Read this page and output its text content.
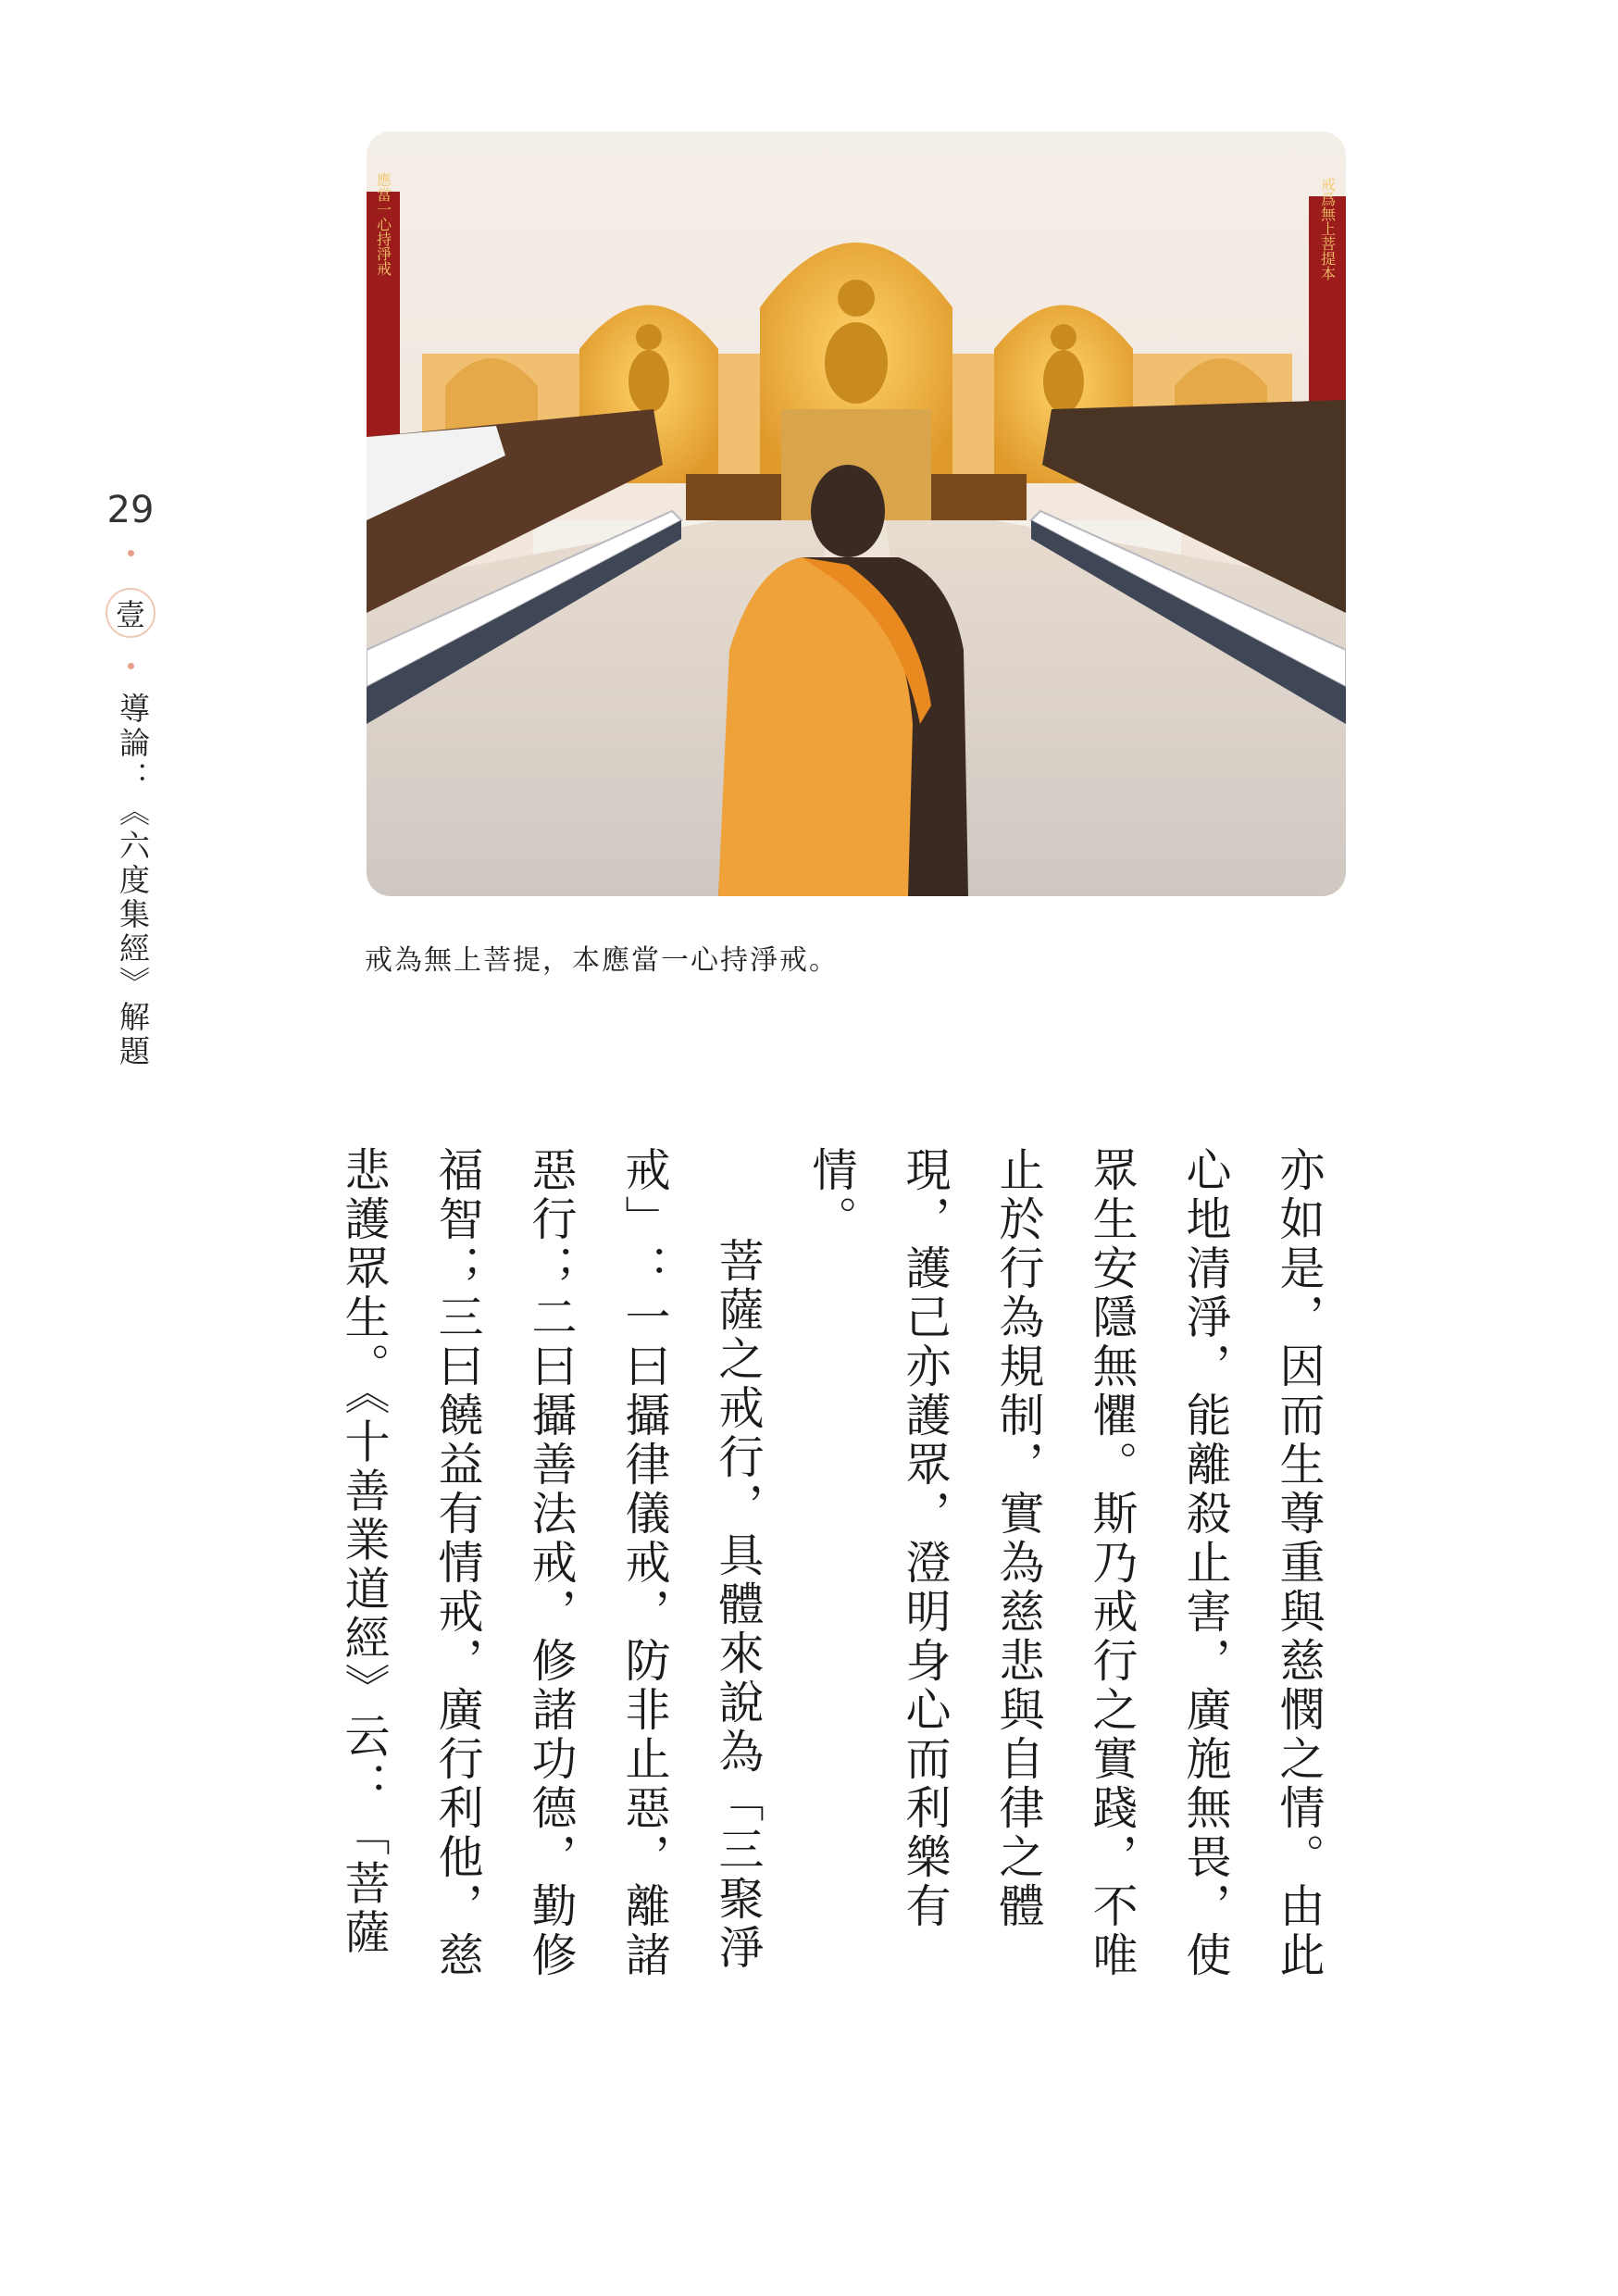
29
壹
導論：《六度集經》解題
應當一心持淨戒	戒爲無上菩提本
戒為無上菩提，本應當一心持淨戒。

亦如是，因而生尊重與慈憫之情。由此心地清淨，能離殺止害，廣施無畏，使眾生安隱無懼。斯乃戒行之實踐，不唯止於行為規制，實為慈悲與自律之體現，護己亦護眾，澄明身心而利樂有情。

菩薩之戒行，具體來說為「三聚淨戒」：一曰攝律儀戒，防非止惡，離諸惡行；二曰攝善法戒，修諸功德，勤修福智；三曰饒益有情戒，廣行利他，慈悲護眾生。《十善業道經》云：「菩薩
